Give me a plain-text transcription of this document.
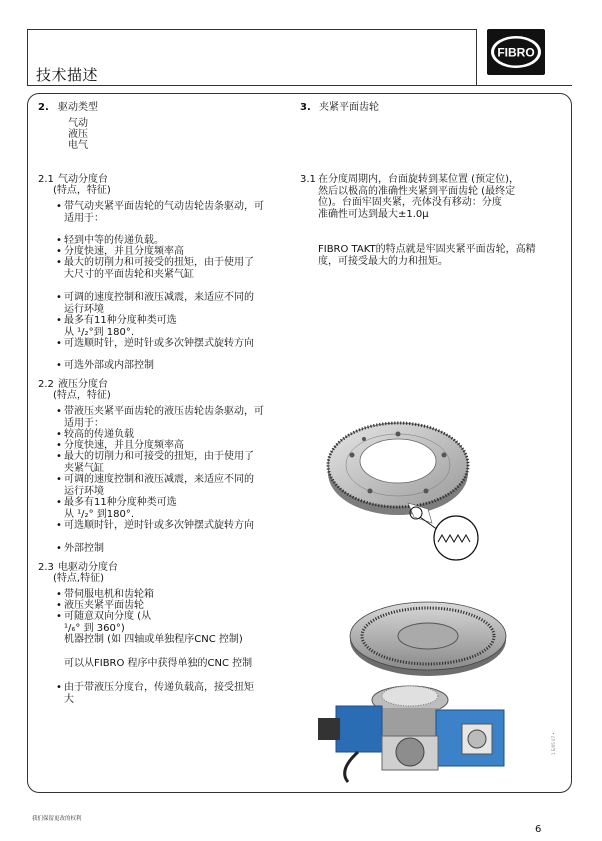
技术描述
FIBRO
2. 驱动类型
气动
液压
电气
2.1 气动分度台
(特点，特征)
• 带气动夹紧平面齿轮的气动齿轮齿条驱动，可
适用于：
• 轻到中等的传递负载。
• 分度快速，并且分度频率高
• 最大的切削力和可接受的扭矩，由于使用了
大尺寸的平面齿轮和夹紧气缸
• 可调的速度控制和液压减震，来适应不同的
运行环境
• 最多有11种分度种类可选
从 ¹/₂°到 180°.
• 可选顺时针，逆时针或多次钟摆式旋转方向
• 可选外部或内部控制
2.2 液压分度台
(特点，特征)
• 带液压夹紧平面齿轮的液压齿轮齿条驱动，可
适用于：
• 较高的传递负载
• 分度快速，并且分度频率高
• 最大的切削力和可接受的扭矩，由于使用了
夹紧气缸
• 可调的速度控制和液压减震，来适应不同的
运行环境
• 最多有11种分度种类可选
从 ¹/₂° 到180°.
• 可选顺时针，逆时针或多次钟摆式旋转方向
• 外部控制
2.3 电驱动分度台
(特点,特征)
• 带伺服电机和齿轮箱
• 液压夹紧平面齿轮
• 可随意双向分度 (从
¹/₆° 到 360°)
机器控制 (如 四轴或单独程序CNC 控制)
可以从FIBRO 程序中获得单独的CNC 控制
• 由于带液压分度台，传递负载高，接受扭矩
大
3. 夹紧平面齿轮
3.1 在分度周期内，台面旋转到某位置 (预定位)，
然后以极高的准确性夹紧到平面齿轮 (最终定
位)。台面牢固夹紧，壳体没有移动：分度
准确性可达到最大±1.0µ
FIBRO TAKT的特点就是牢固夹紧平面齿轮，高精
度，可接受最大的力和扭矩。
1 E/05 07 •
我们保留更改的权利
6
